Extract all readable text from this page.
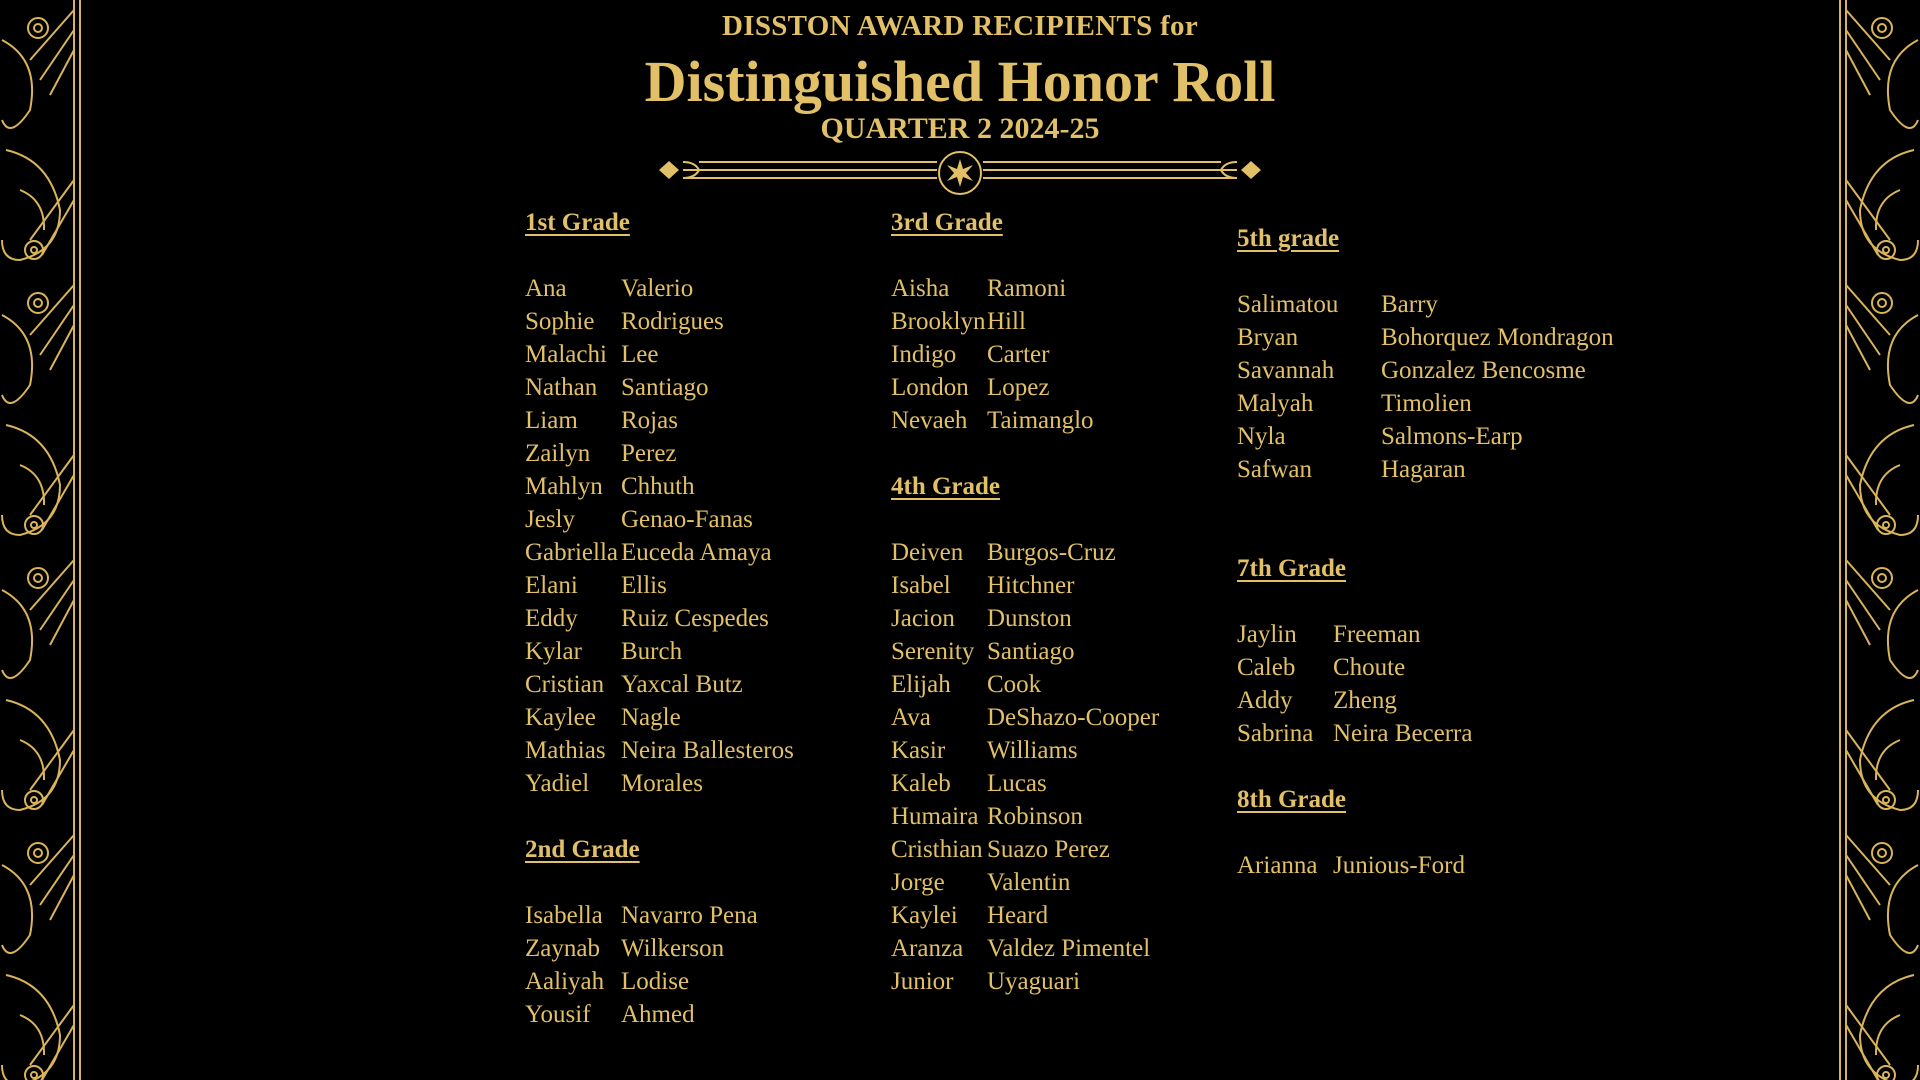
DISSTON AWARD RECIPIENTS for
Distinguished Honor Roll
QUARTER 2 2024-25
1st Grade
Ana	Valerio
Sophie	Rodrigues
Malachi Lee
Nathan Santiago
Liam	Rojas
Zailyn	Perez
Mahlyn Chhuth
Jesly	Genao-Fanas
Gabriella Euceda Amaya
Elani	Ellis
Eddy	Ruiz Cespedes
Kylar	Burch
Cristian Yaxcal Butz
Kaylee	Nagle
Mathias Neira Ballesteros
Yadiel	Morales
2nd Grade
Isabella Navarro Pena
Zaynab Wilkerson
Aaliyah Lodise
Yousif	Ahmed
3rd Grade
Aisha	Ramoni
Brooklyn Hill
Indigo	Carter
London Lopez
Nevaeh Taimanglo
4th Grade
Deiven Burgos-Cruz
Isabel	Hitchner
Jacion	Dunston
Serenity Santiago
Elijah	Cook
Ava	DeShazo-Cooper
Kasir	Williams
Kaleb	Lucas
Humaira Robinson
Cristhian Suazo Perez
Jorge	Valentin
Kaylei	Heard
Aranza Valdez Pimentel
Junior	Uyaguari
5th grade
Salimatou	Barry
Bryan	Bohorquez Mondragon
Savannah	Gonzalez Bencosme
Malyah	Timolien
Nyla	Salmons-Earp
Safwan	Hagaran
7th Grade
Jaylin	Freeman
Caleb	Choute
Addy	Zheng
Sabrina Neira Becerra
8th Grade
Arianna Junious-Ford
